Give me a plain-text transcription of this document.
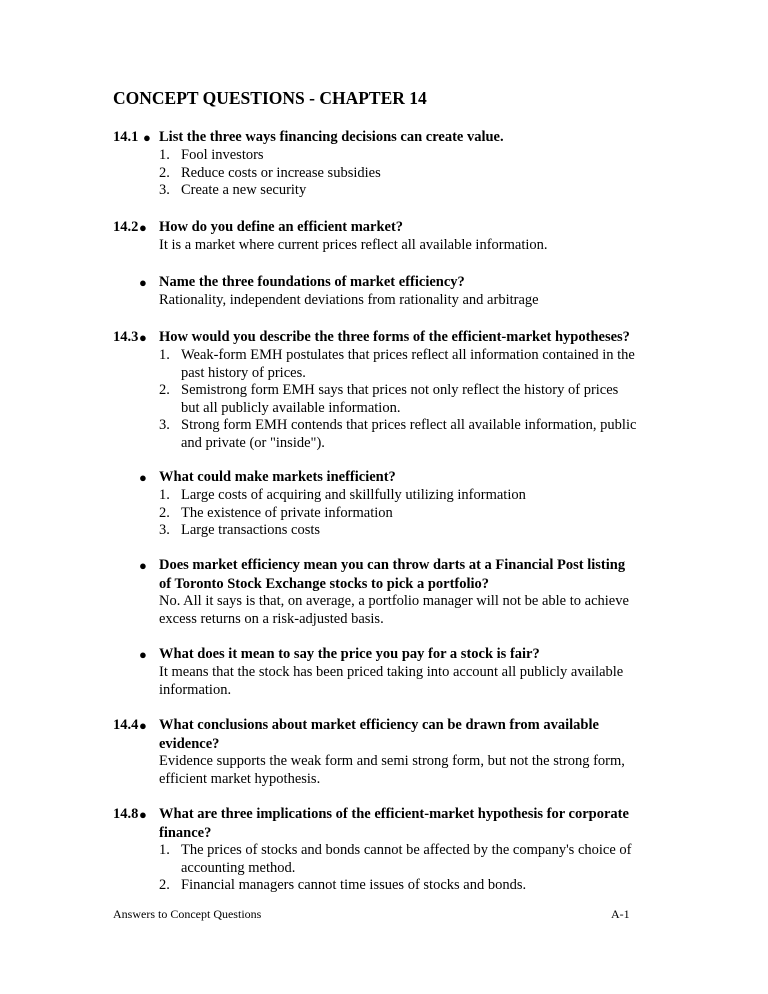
CONCEPT QUESTIONS - CHAPTER 14
14.1 ● List the three ways financing decisions can create value.
1. Fool investors
2. Reduce costs or increase subsidies
3. Create a new security
14.2 ● How do you define an efficient market?
It is a market where current prices reflect all available information.
● Name the three foundations of market efficiency?
Rationality, independent deviations from rationality and arbitrage
14.3 ● How would you describe the three forms of the efficient-market hypotheses?
1. Weak-form EMH postulates that prices reflect all information contained in the
past history of prices.
2. Semistrong form EMH says that prices not only reflect the history of prices
but all publicly available information.
3. Strong form EMH contends that prices reflect all available information, public
and private (or "inside").
● What could make markets inefficient?
1. Large costs of acquiring and skillfully utilizing information
2. The existence of private information
3. Large transactions costs
● Does market efficiency mean you can throw darts at a Financial Post listing
of Toronto Stock Exchange stocks to pick a portfolio?
No. All it says is that, on average, a portfolio manager will not be able to achieve
excess returns on a risk-adjusted basis.
● What does it mean to say the price you pay for a stock is fair?
It means that the stock has been priced taking into account all publicly available
information.
14.4 ● What conclusions about market efficiency can be drawn from available
evidence?
Evidence supports the weak form and semi strong form, but not the strong form,
efficient market hypothesis.
14.8 ● What are three implications of the efficient-market hypothesis for corporate
finance?
1. The prices of stocks and bonds cannot be affected by the company's choice of
accounting method.
2. Financial managers cannot time issues of stocks and bonds.
Answers to Concept Questions	A-1
